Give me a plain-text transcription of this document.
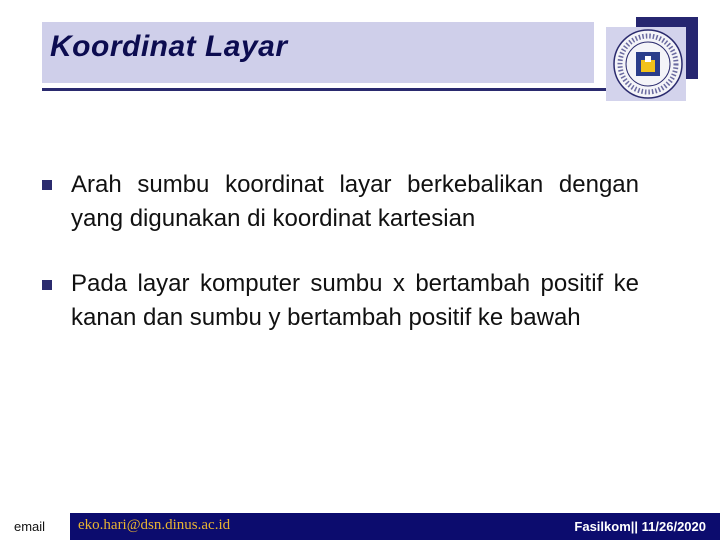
Koordinat Layar
Arah sumbu koordinat layar berkebalikan dengan yang digunakan di koordinat kartesian
Pada layar komputer sumbu x bertambah positif ke kanan dan sumbu y bertambah positif ke bawah
email eko.hari@dsn.dinus.ac.id	Fasilkom|| 11/26/2020
